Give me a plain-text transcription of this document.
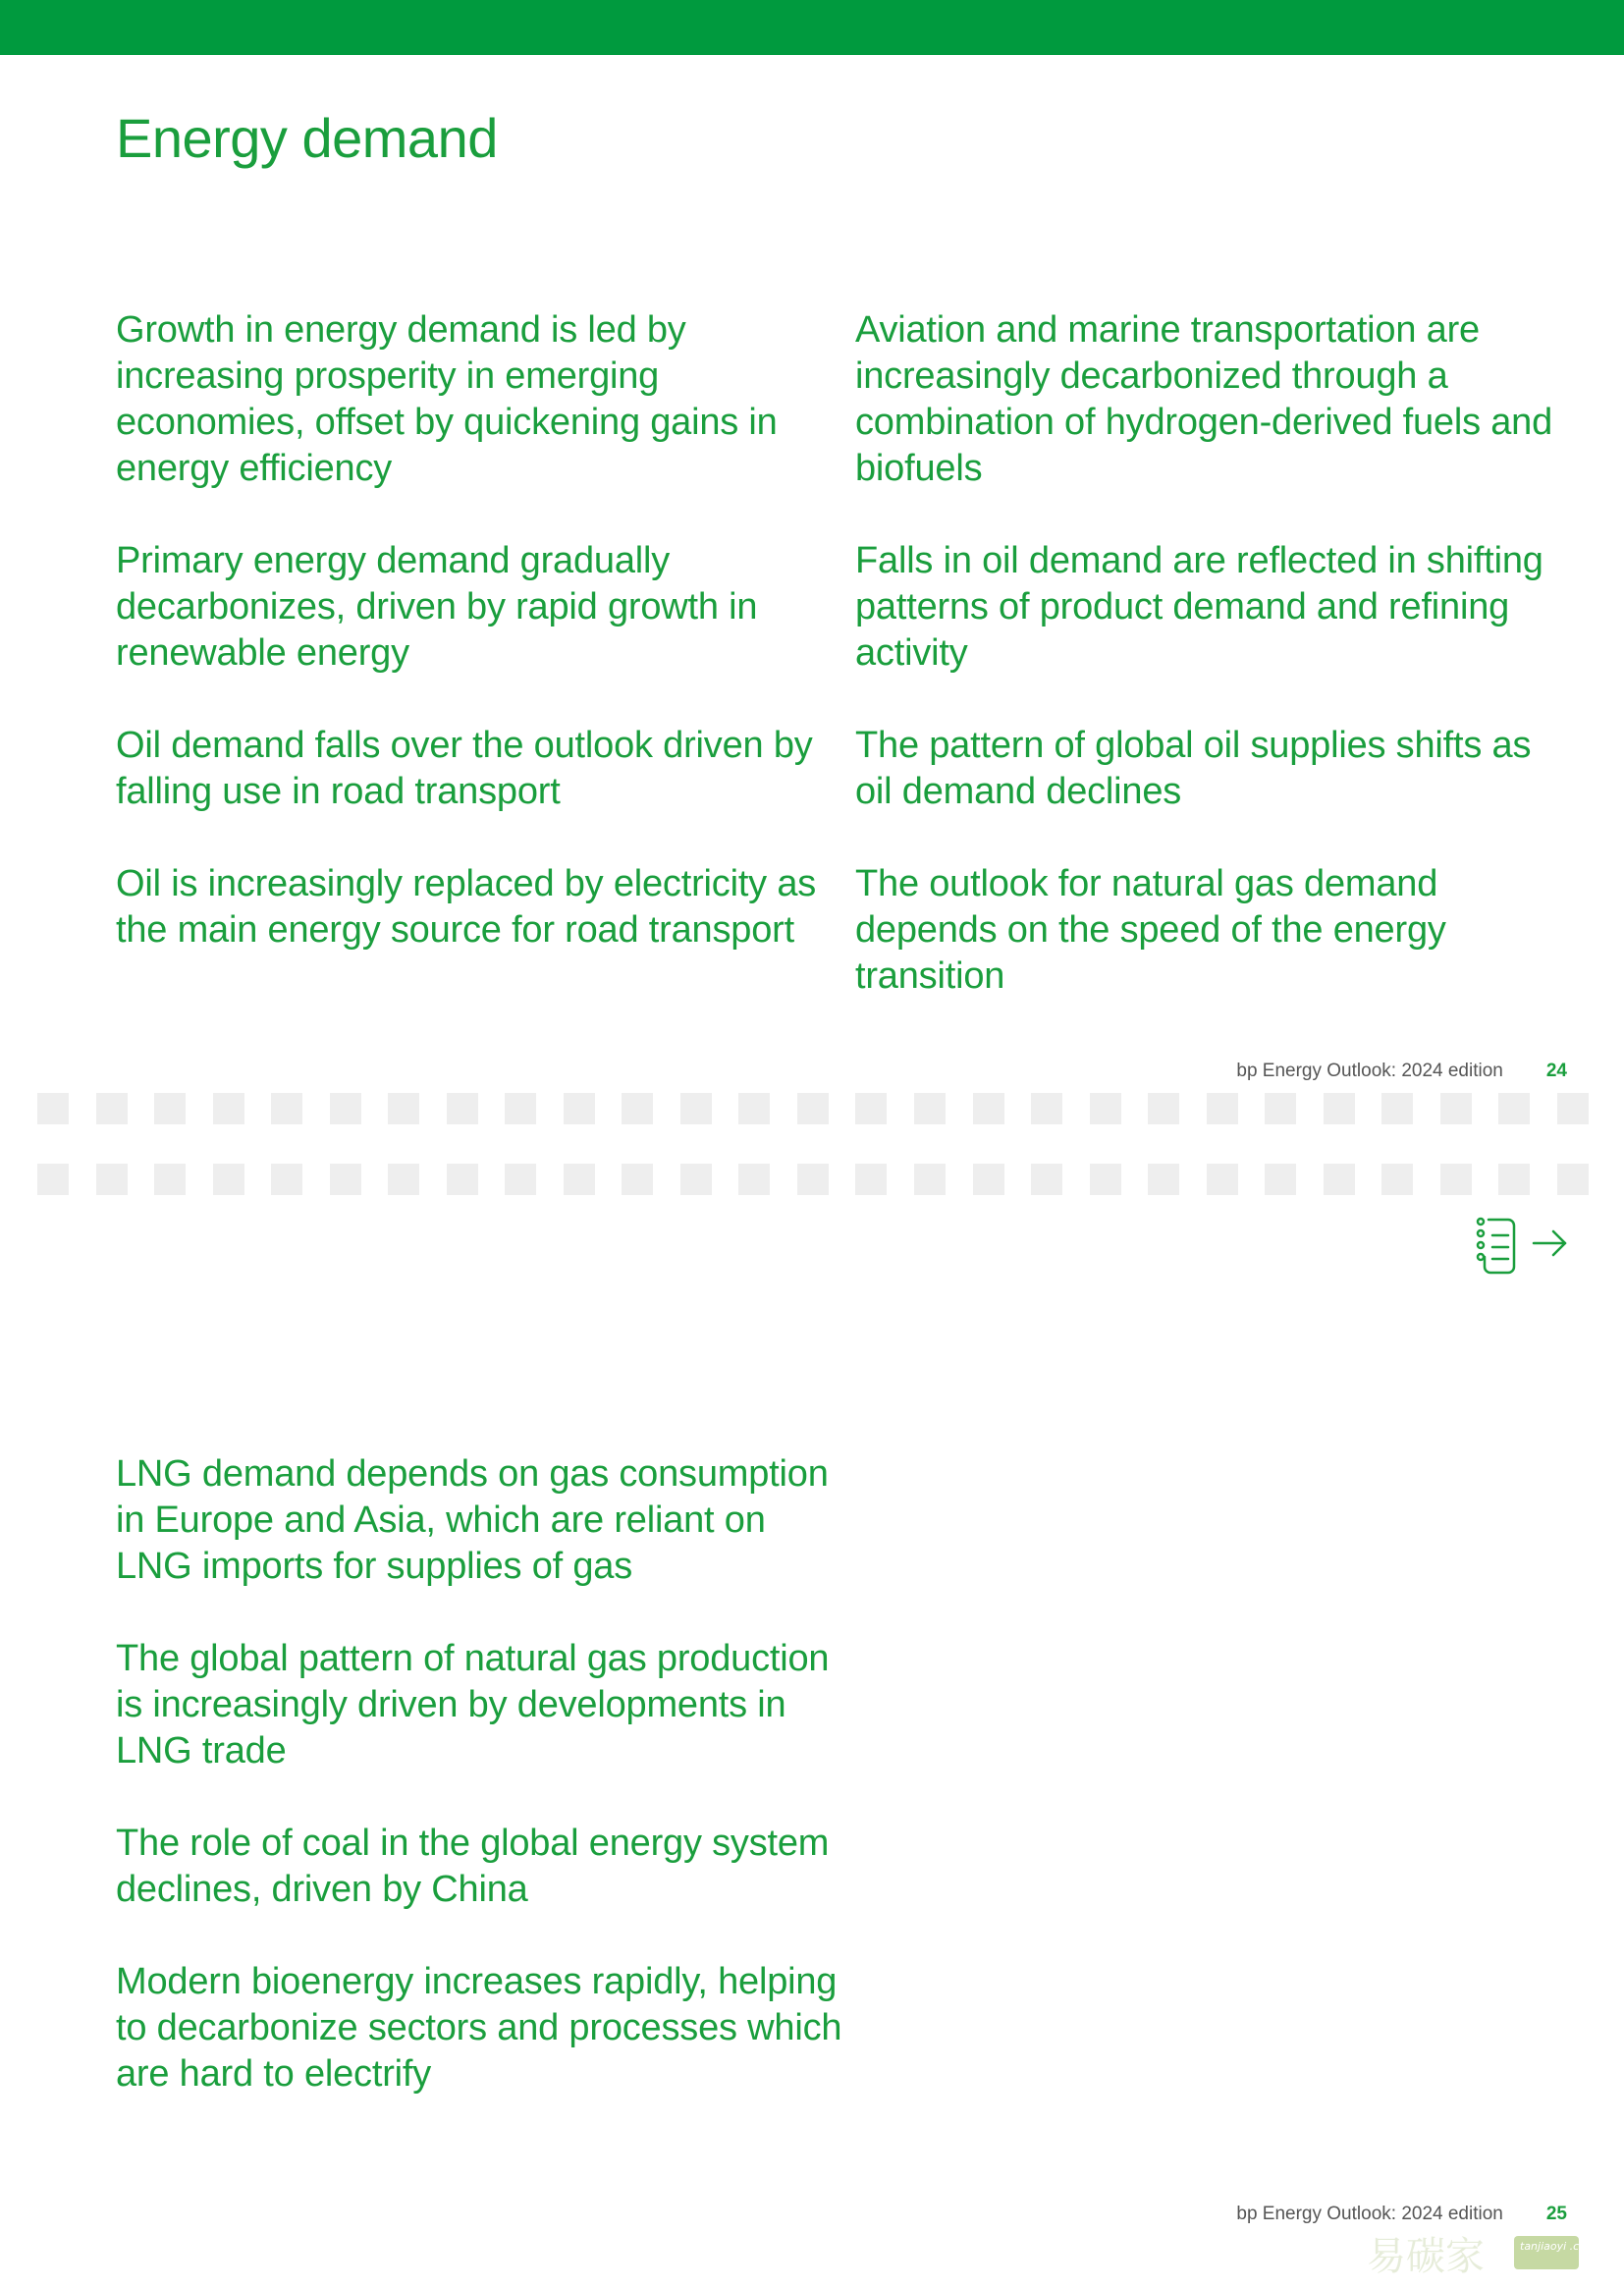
Energy demand

Growth in energy demand is led by increasing prosperity in emerging economies, offset by quickening gains in energy efficiency

Primary energy demand gradually decarbonizes, driven by rapid growth in renewable energy

Oil demand falls over the outlook driven by falling use in road transport

Oil is increasingly replaced by electricity as the main energy source for road transport

Aviation and marine transportation are increasingly decarbonized through a combination of hydrogen-derived fuels and biofuels

Falls in oil demand are reflected in shifting patterns of product demand and refining activity

The pattern of global oil supplies shifts as oil demand declines

The outlook for natural gas demand depends on the speed of the energy transition

bp Energy Outlook: 2024 edition 24

LNG demand depends on gas consumption in Europe and Asia, which are reliant on LNG imports for supplies of gas

The global pattern of natural gas production is increasingly driven by developments in LNG trade

The role of coal in the global energy system declines, driven by China

Modern bioenergy increases rapidly, helping to decarbonize sectors and processes which are hard to electrify

bp Energy Outlook: 2024 edition 25
易碳家	tanjiaoyi .com
